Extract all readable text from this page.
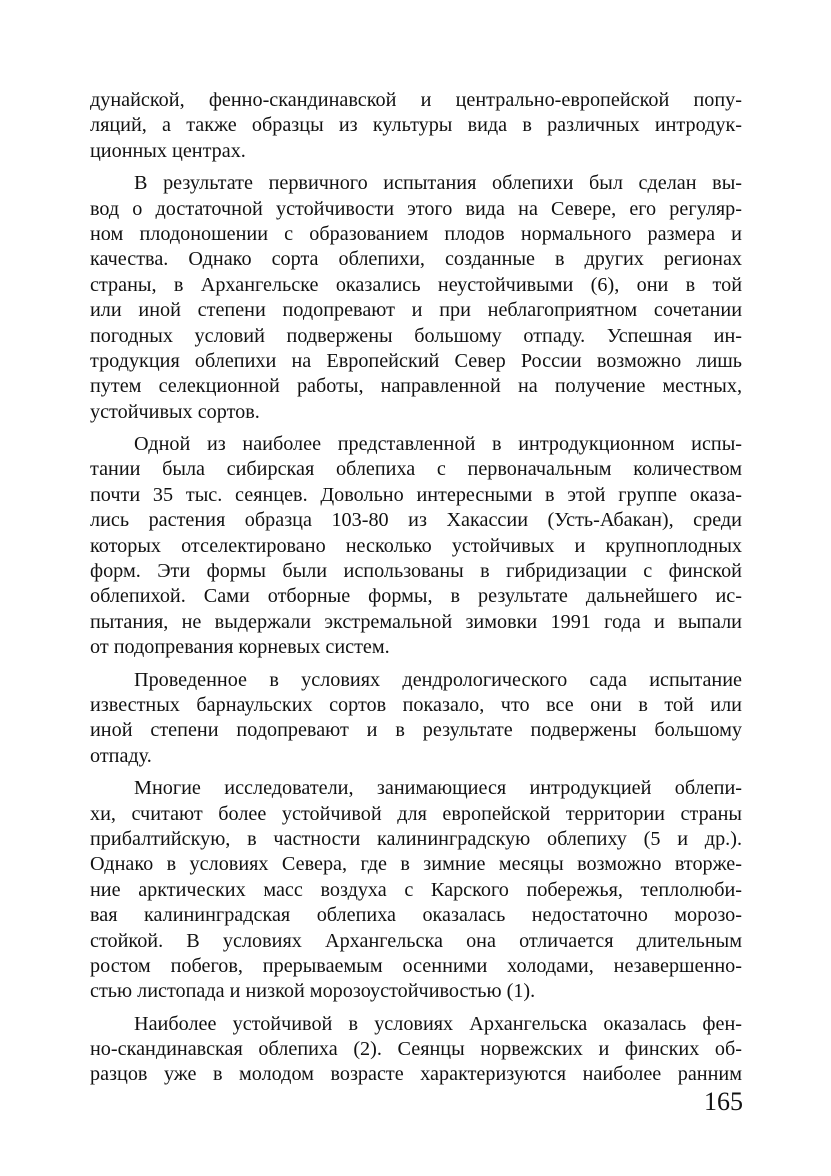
дунайской, фенно-скандинавской и центрально-европейской попу-
ляций, а также образцы из культуры вида в различных интродук-
ционных центрах.
В результате первичного испытания облепихи был сделан вы-
вод о достаточной устойчивости этого вида на Севере, его регуляр-
ном плодоношении с образованием плодов нормального размера и
качества. Однако сорта облепихи, созданные в других регионах
страны, в Архангельске оказались неустойчивыми (6), они в той
или иной степени подопревают и при неблагоприятном сочетании
погодных условий подвержены большому отпаду. Успешная ин-
тродукция облепихи на Европейский Север России возможно лишь
путем селекционной работы, направленной на получение местных,
устойчивых сортов.
Одной из наиболее представленной в интродукционном испы-
тании была сибирская облепиха с первоначальным количеством
почти 35 тыс. сеянцев. Довольно интересными в этой группе оказа-
лись растения образца 103-80 из Хакассии (Усть-Абакан), среди
которых отселектировано несколько устойчивых и крупноплодных
форм. Эти формы были использованы в гибридизации с финской
облепихой. Сами отборные формы, в результате дальнейшего ис-
пытания, не выдержали экстремальной зимовки 1991 года и выпали
от подопревания корневых систем.
Проведенное в условиях дендрологического сада испытание
известных барнаульских сортов показало, что все они в той или
иной степени подопревают и в результате подвержены большому
отпаду.
Многие исследователи, занимающиеся интродукцией облепи-
хи, считают более устойчивой для европейской территории страны
прибалтийскую, в частности калининградскую облепиху (5 и др.).
Однако в условиях Севера, где в зимние месяцы возможно вторже-
ние арктических масс воздуха с Карского побережья, теплолюби-
вая калининградская облепиха оказалась недостаточно морозо-
стойкой. В условиях Архангельска она отличается длительным
ростом побегов, прерываемым осенними холодами, незавершенно-
стью листопада и низкой морозоустойчивостью (1).
Наиболее устойчивой в условиях Архангельска оказалась фен-
но-скандинавская облепиха (2). Сеянцы норвежских и финских об-
разцов уже в молодом возрасте характеризуются наиболее ранним
165
